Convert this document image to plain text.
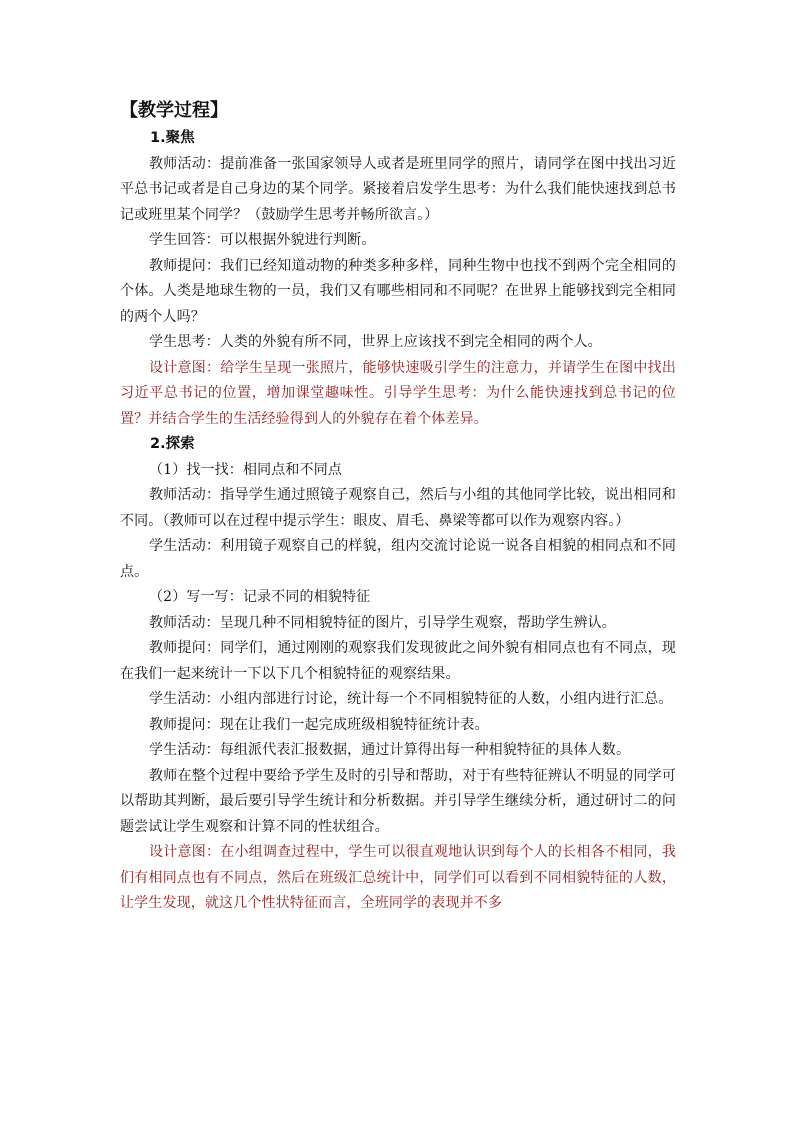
【教学过程】
1.聚焦

教师活动：提前准备一张国家领导人或者是班里同学的照片，请同学在图中找出习近平总书记或者是自己身边的某个同学。紧接着启发学生思考：为什么我们能快速找到总书记或班里某个同学？（鼓励学生思考并畅所欲言。）

学生回答：可以根据外貌进行判断。

教师提问：我们已经知道动物的种类多种多样，同种生物中也找不到两个完全相同的个体。人类是地球生物的一员，我们又有哪些相同和不同呢？在世界上能够找到完全相同的两个人吗？

学生思考：人类的外貌有所不同，世界上应该找不到完全相同的两个人。

设计意图：给学生呈现一张照片，能够快速吸引学生的注意力，并请学生在图中找出习近平总书记的位置，增加课堂趣味性。引导学生思考：为什么能快速找到总书记的位置？并结合学生的生活经验得到人的外貌存在着个体差异。

2.探索

（1）找一找：相同点和不同点

教师活动：指导学生通过照镜子观察自己，然后与小组的其他同学比较，说出相同和不同。（教师可以在过程中提示学生：眼皮、眉毛、鼻梁等都可以作为观察内容。）

学生活动：利用镜子观察自己的样貌，组内交流讨论说一说各自相貌的相同点和不同点。

（2）写一写：记录不同的相貌特征

教师活动：呈现几种不同相貌特征的图片，引导学生观察，帮助学生辨认。

教师提问：同学们，通过刚刚的观察我们发现彼此之间外貌有相同点也有不同点，现在我们一起来统计一下以下几个相貌特征的观察结果。

学生活动：小组内部进行讨论，统计每一个不同相貌特征的人数，小组内进行汇总。

教师提问：现在让我们一起完成班级相貌特征统计表。

学生活动：每组派代表汇报数据，通过计算得出每一种相貌特征的具体人数。

教师在整个过程中要给予学生及时的引导和帮助，对于有些特征辨认不明显的同学可以帮助其判断，最后要引导学生统计和分析数据。并引导学生继续分析，通过研讨二的问题尝试让学生观察和计算不同的性状组合。

设计意图：在小组调查过程中，学生可以很直观地认识到每个人的长相各不相同，我们有相同点也有不同点，然后在班级汇总统计中，同学们可以看到不同相貌特征的人数，让学生发现，就这几个性状特征而言，全班同学的表现并不多
